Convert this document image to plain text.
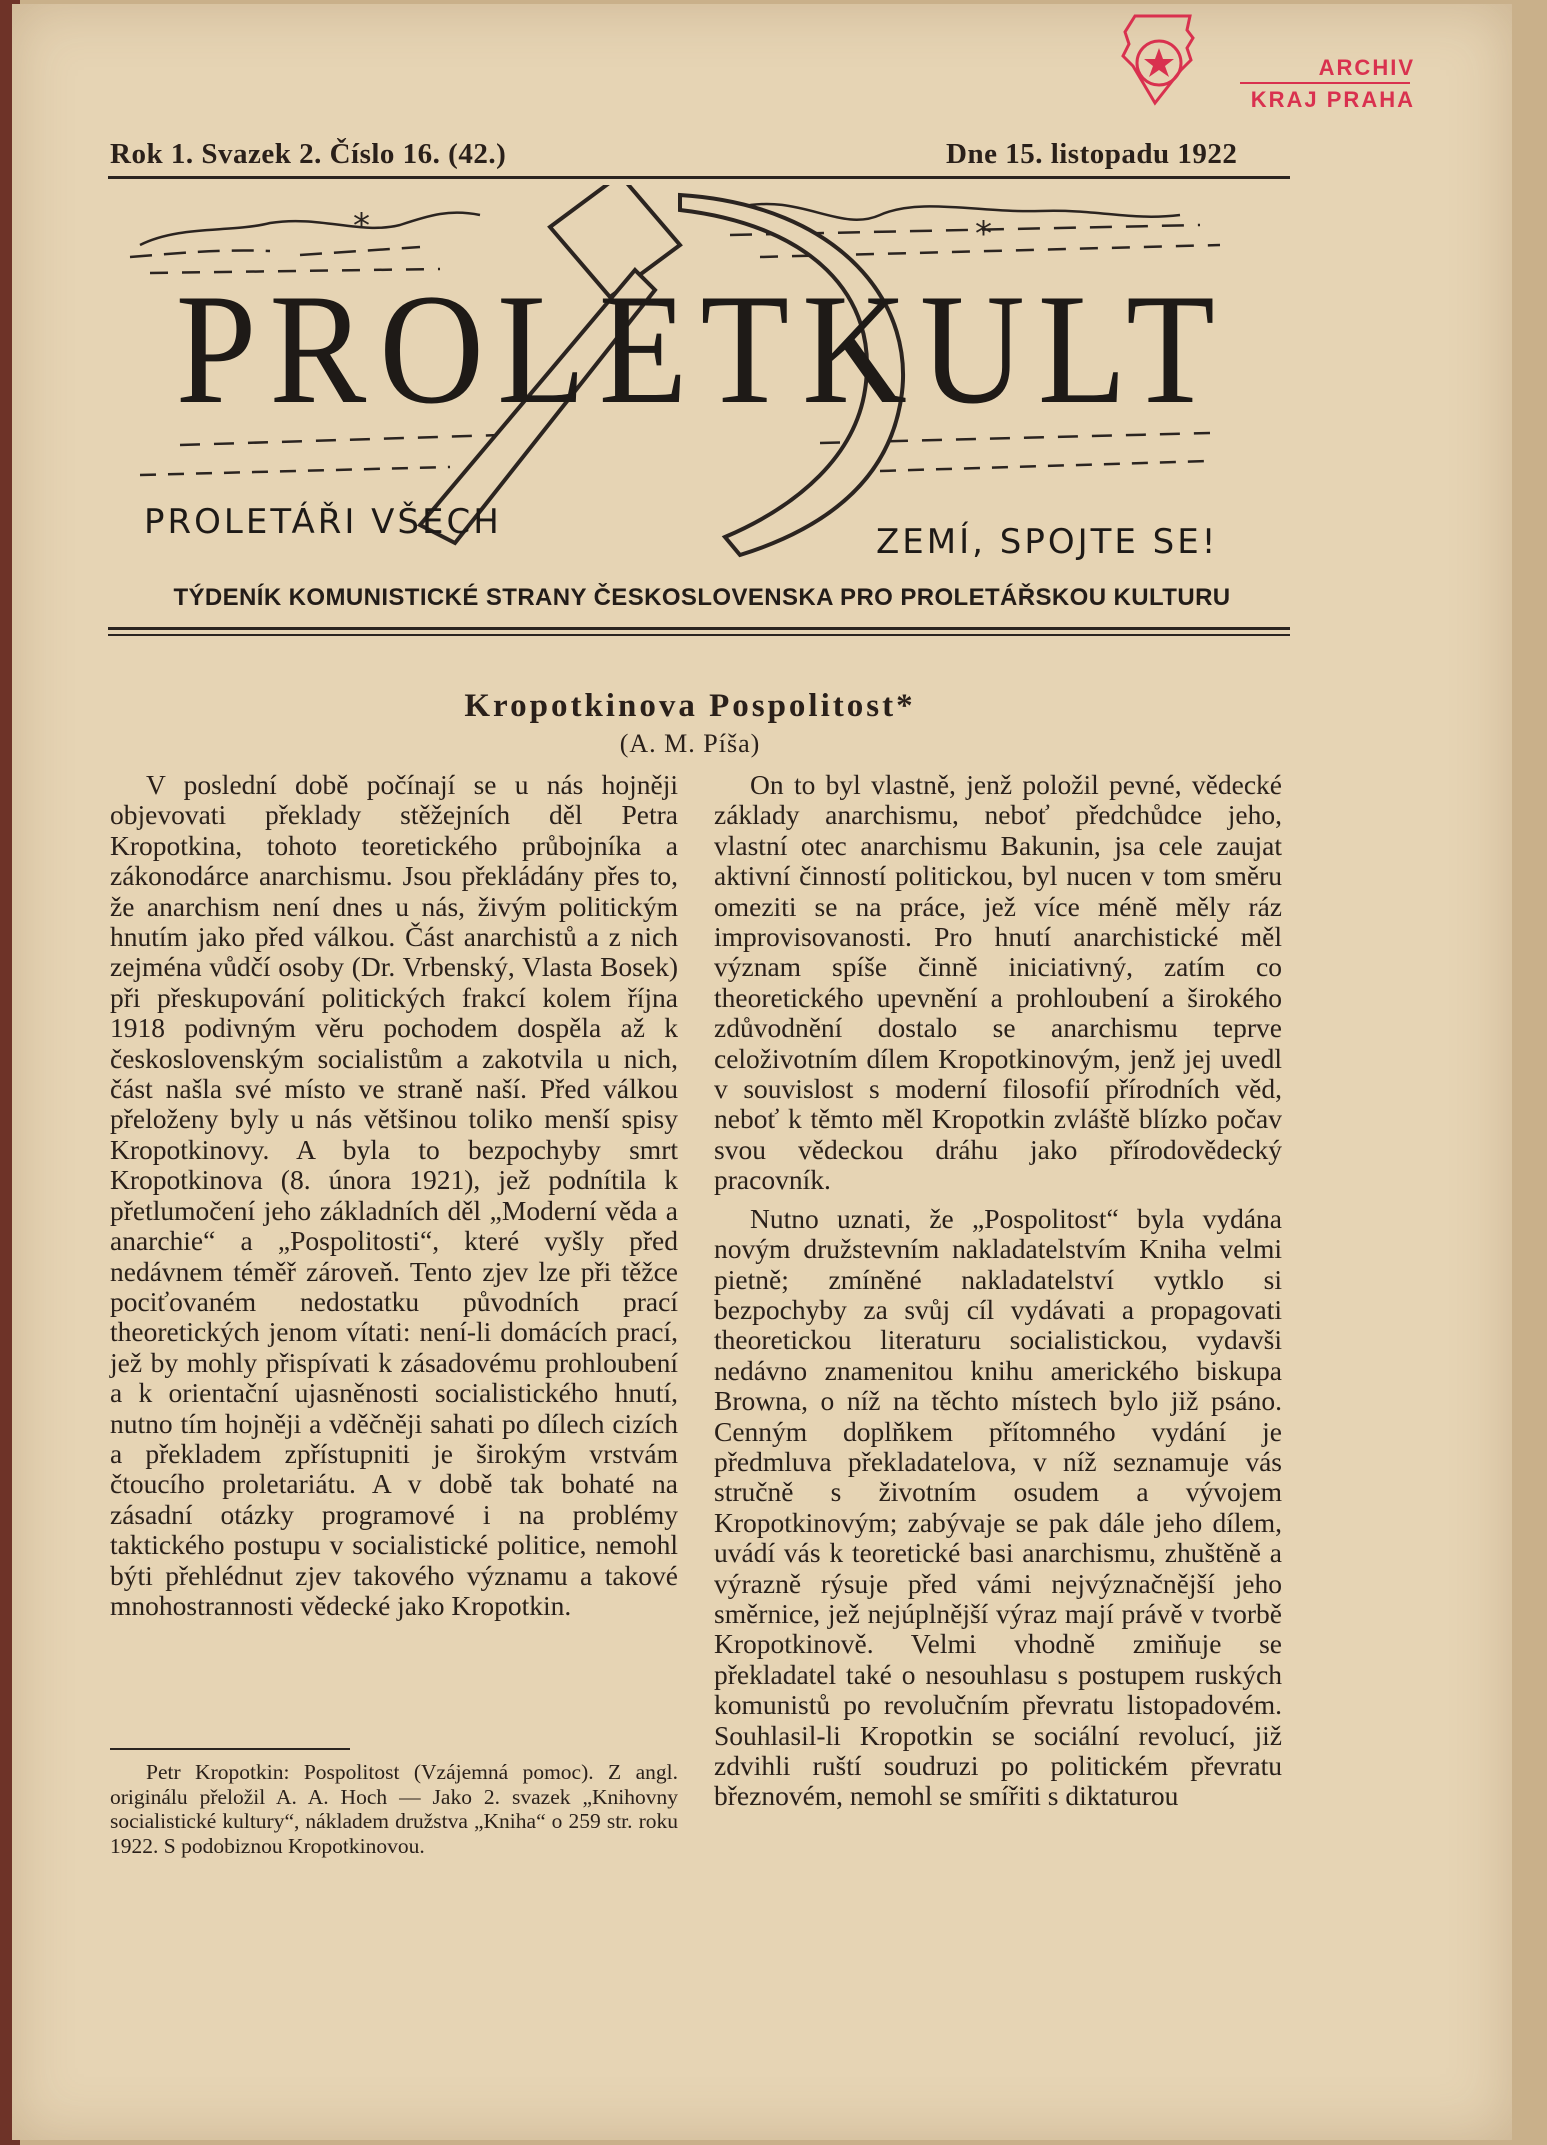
ARCHIV
KRAJ PRAHA
Rok 1. Svazek 2. Číslo 16. (42.)	Dne 15. listopadu 1922
*	*
PROLETKULT
PROLETÁŘI VŠECH	ZEMÍ, SPOJTE SE!
TÝDENÍK KOMUNISTICKÉ STRANY ČESKOSLOVENSKA PRO PROLETÁŘSKOU KULTURU
Kropotkinova Pospolitost*
(A. M. Píša)

V poslední době počínají se u nás hojněji objevovati překlady stěžejních děl Petra Kropotkina, tohoto teoretického průbojníka a zákonodárce anarchismu. Jsou překládány přes to, že anarchism není dnes u nás, živým politickým hnutím jako před válkou. Část anarchistů a z nich zejména vůdčí osoby (Dr. Vrbenský, Vlasta Bosek) při přeskupování politických frakcí kolem října 1918 podivným věru pochodem dospěla až k československým socialistům a zakotvila u nich, část našla své místo ve straně naší. Před válkou přeloženy byly u nás většinou toliko menší spisy Kropotkinovy. A byla to bezpochyby smrt Kropotkinova (8. února 1921), jež podnítila k přetlumočení jeho základních děl „Moderní věda a anarchie“ a „Pospolitosti“, které vyšly před nedávnem téměř zároveň. Tento zjev lze při těžce pociťovaném nedostatku původních prací theoretických jenom vítati: není-li domácích prací, jež by mohly přispívati k zásadovému prohloubení a k orientační ujasněnosti socialistického hnutí, nutno tím hojněji a vděčněji sahati po dílech cizích a překladem zpřístupniti je širokým vrstvám čtoucího proletariátu. A v době tak bohaté na zásadní otázky programové i na problémy taktického postupu v socialistické politice, nemohl býti přehlédnut zjev takového významu a takové mnohostrannosti vědecké jako Kropotkin.

On to byl vlastně, jenž položil pevné, vědecké základy anarchismu, neboť předchůdce jeho, vlastní otec anarchismu Bakunin, jsa cele zaujat aktivní činností politickou, byl nucen v tom směru omeziti se na práce, jež více méně měly ráz improvisovanosti. Pro hnutí anarchistické měl význam spíše činně iniciativný, zatím co theoretického upevnění a prohloubení a širokého zdůvodnění dostalo se anarchismu teprve celoživotním dílem Kropotkinovým, jenž jej uvedl v souvislost s moderní filosofií přírodních věd, neboť k těmto měl Kropotkin zvláště blízko počav svou vědeckou dráhu jako přírodovědecký pracovník.

Nutno uznati, že „Pospolitost“ byla vydána novým družstevním nakladatelstvím Kniha velmi pietně; zmíněné nakladatelství vytklo si bezpochyby za svůj cíl vydávati a propagovati theoretickou literaturu socialistickou, vydavši nedávno znamenitou knihu amerického biskupa Browna, o níž na těchto místech bylo již psáno. Cenným doplňkem přítomného vydání je předmluva překladatelova, v níž seznamuje vás stručně s životním osudem a vývojem Kropotkinovým; zabývaje se pak dále jeho dílem, uvádí vás k teoretické basi anarchismu, zhuštěně a výrazně rýsuje před vámi nejvýznačnější jeho směrnice, jež nejúplnější výraz mají právě v tvorbě Kropotkinově. Velmi vhodně zmiňuje se překladatel také o nesouhlasu s postupem ruských komunistů po revolučním převratu listopadovém. Souhlasil-li Kropotkin se sociální revolucí, již zdvihli ruští soudruzi po politickém převratu březnovém, nemohl se smířiti s diktaturou

Petr Kropotkin: Pospolitost (Vzájemná pomoc). Z angl. originálu přeložil A. A. Hoch — Jako 2. svazek „Knihovny socialistické kultury“, nákladem družstva „Kniha“ o 259 str. roku 1922. S podobiznou Kropotkinovou.
